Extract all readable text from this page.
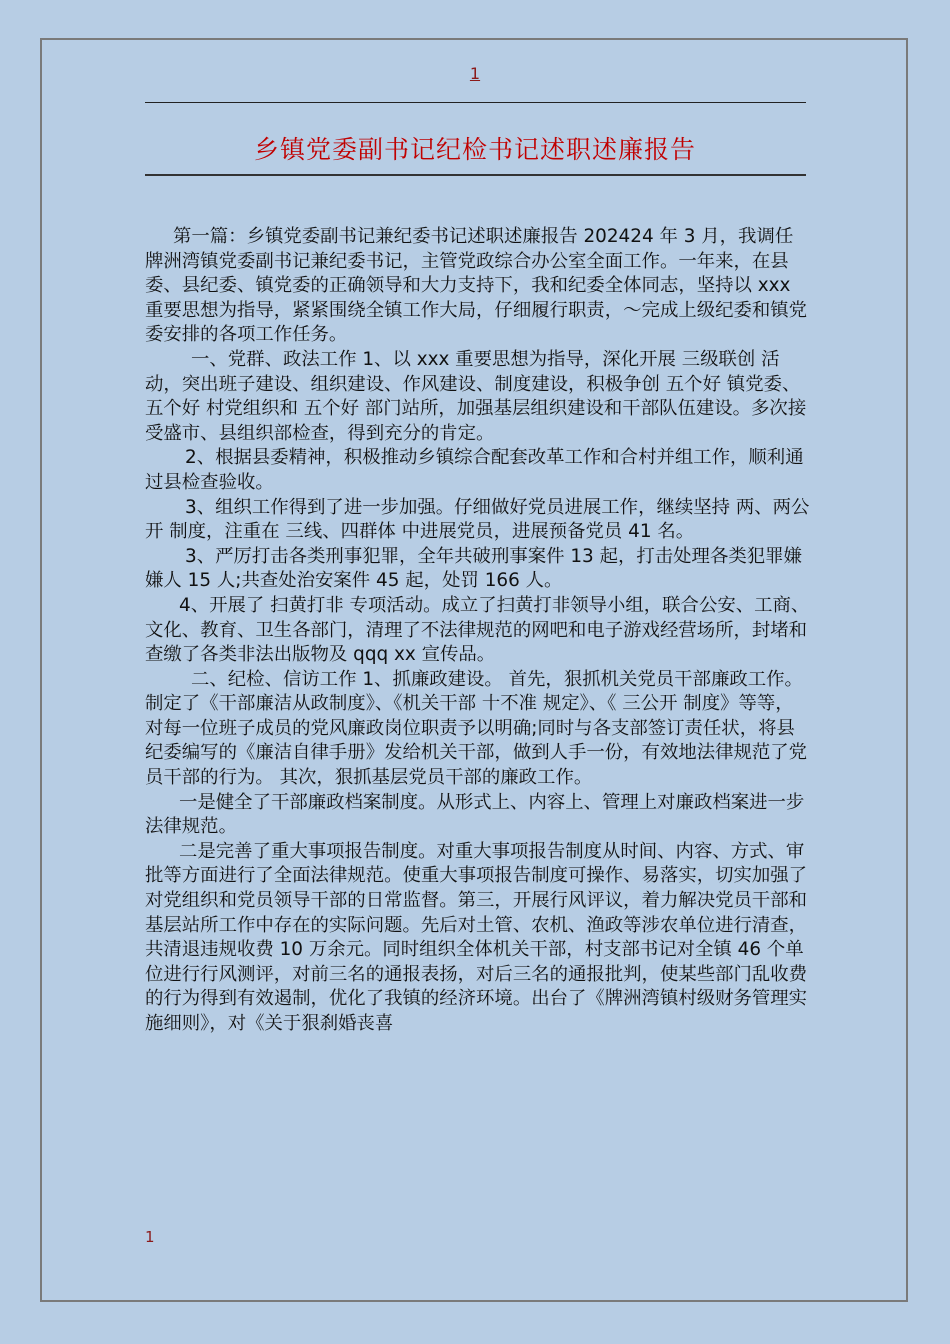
1
乡镇党委副书记纪检书记述职述廉报告

第一篇：乡镇党委副书记兼纪委书记述职述廉报告 202424 年 3 月，我调任牌洲湾镇党委副书记兼纪委书记，主管党政综合办公室全面工作。一年来，在县委、县纪委、镇党委的正确领导和大力支持下，我和纪委全体同志，坚持以 xxx 重要思想为指导，紧紧围绕全镇工作大局，仔细履行职责，～完成上级纪委和镇党委安排的各项工作任务。

一、党群、政法工作 1、以 xxx 重要思想为指导，深化开展 三级联创 活动，突出班子建设、组织建设、作风建设、制度建设，积极争创 五个好 镇党委、 五个好 村党组织和 五个好 部门站所，加强基层组织建设和干部队伍建设。多次接受盛市、县组织部检查，得到充分的肯定。

2、根据县委精神，积极推动乡镇综合配套改革工作和合村并组工作，顺利通过县检查验收。

3、组织工作得到了进一步加强。仔细做好党员进展工作，继续坚持 两、两公开 制度，注重在 三线、四群体 中进展党员，进展预备党员 41 名。

3、严厉打击各类刑事犯罪，全年共破刑事案件 13 起，打击处理各类犯罪嫌嫌人 15 人;共查处治安案件 45 起，处罚 166 人。

4、开展了 扫黄打非 专项活动。成立了扫黄打非领导小组，联合公安、工商、文化、教育、卫生各部门，清理了不法律规范的网吧和电子游戏经营场所，封堵和查缴了各类非法出版物及 qqq xx 宣传品。

二、纪检、信访工作 1、抓廉政建设。 首先，狠抓机关党员干部廉政工作。制定了《干部廉洁从政制度》、《机关干部 十不准 规定》、《 三公开 制度》等等，对每一位班子成员的党风廉政岗位职责予以明确;同时与各支部签订责任状，将县纪委编写的《廉洁自律手册》发给机关干部，做到人手一份，有效地法律规范了党员干部的行为。 其次，狠抓基层党员干部的廉政工作。

一是健全了干部廉政档案制度。从形式上、内容上、管理上对廉政档案进一步法律规范。

二是完善了重大事项报告制度。对重大事项报告制度从时间、内容、方式、审批等方面进行了全面法律规范。使重大事项报告制度可操作、易落实，切实加强了对党组织和党员领导干部的日常监督。第三，开展行风评议，着力解决党员干部和基层站所工作中存在的实际问题。先后对土管、农机、渔政等涉农单位进行清查，共清退违规收费 10 万余元。同时组织全体机关干部，村支部书记对全镇 46 个单位进行行风测评，对前三名的通报表扬，对后三名的通报批判，使某些部门乱收费的行为得到有效遏制，优化了我镇的经济环境。出台了《牌洲湾镇村级财务管理实施细则》，对《关于狠刹婚丧喜

1
